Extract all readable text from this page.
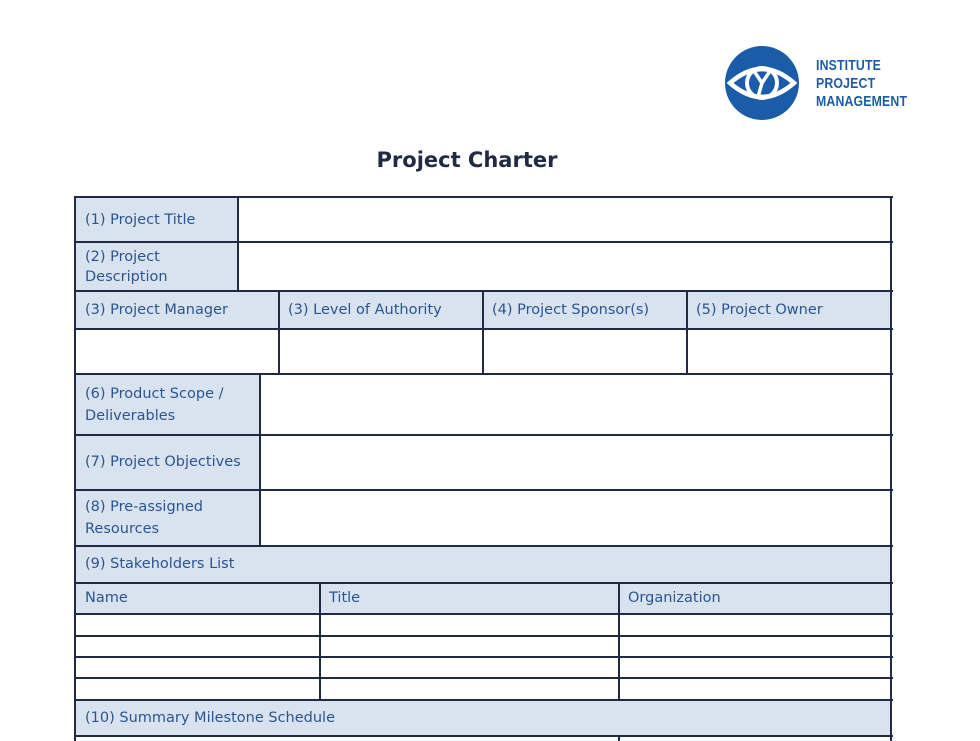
INSTITUTE
PROJECT
MANAGEMENT
Project Charter
(1) Project Title
(2) Project Description
(3) Project Manager	(3) Level of Authority	(4) Project Sponsor(s)	(5) Project Owner
(6) Product Scope / Deliverables
(7) Project Objectives
(8) Pre-assigned Resources
(9) Stakeholders List
Name	Title	Organization
(10) Summary Milestone Schedule
